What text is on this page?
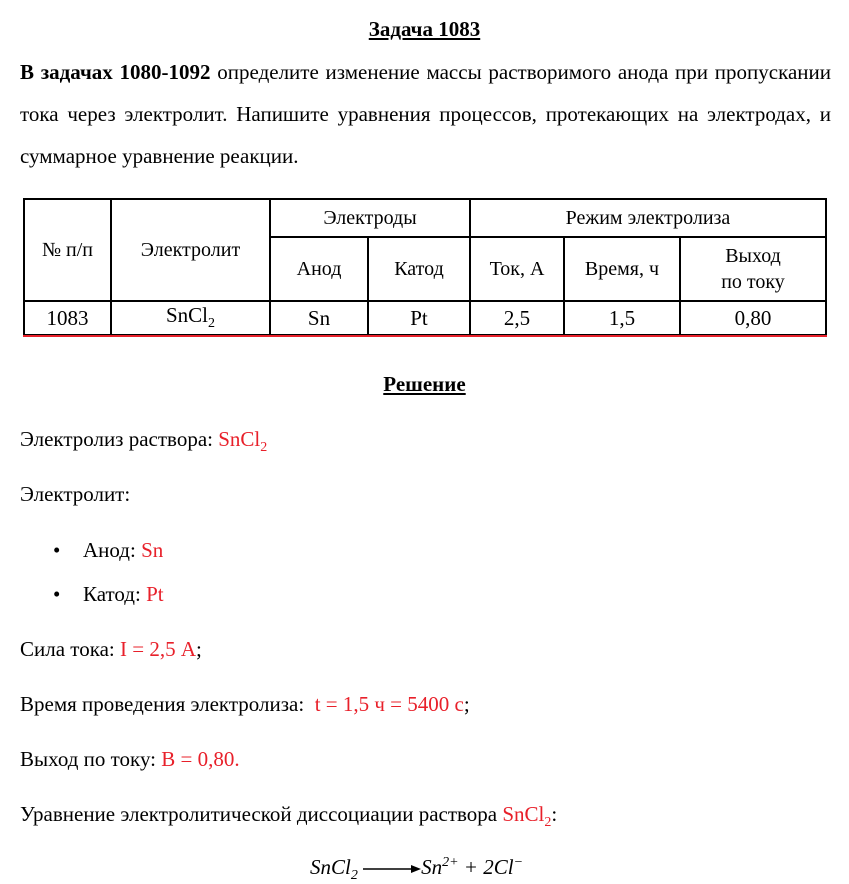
Задача 1083
В задачах 1080-1092 определите изменение массы растворимого анода при пропускании тока через электролит. Напишите уравнения процессов, протекающих на электродах, и суммарное уравнение реакции.
№ п/п	Электролит	Электроды		Режим электролиза		
		Анод	Катод	Ток, А	Время, ч	Выход
по току
1083	SnCl$_2$	Sn	Pt	2,5	1,5	0,80
Решение
Электролиз раствора: SnCl$_2$
Электролит:
• Анод: Sn
• Катод: Pt
Сила тока: I = 2,5 А;
Время проведения электролиза:  t = 1,5 ч = 5400 с;
Выход по току: В = 0,80.
Уравнение электролитической диссоциации раствора SnCl$_2$:
SnCl$_2$ $\to Sn^{2+} + 2Cl^-$
